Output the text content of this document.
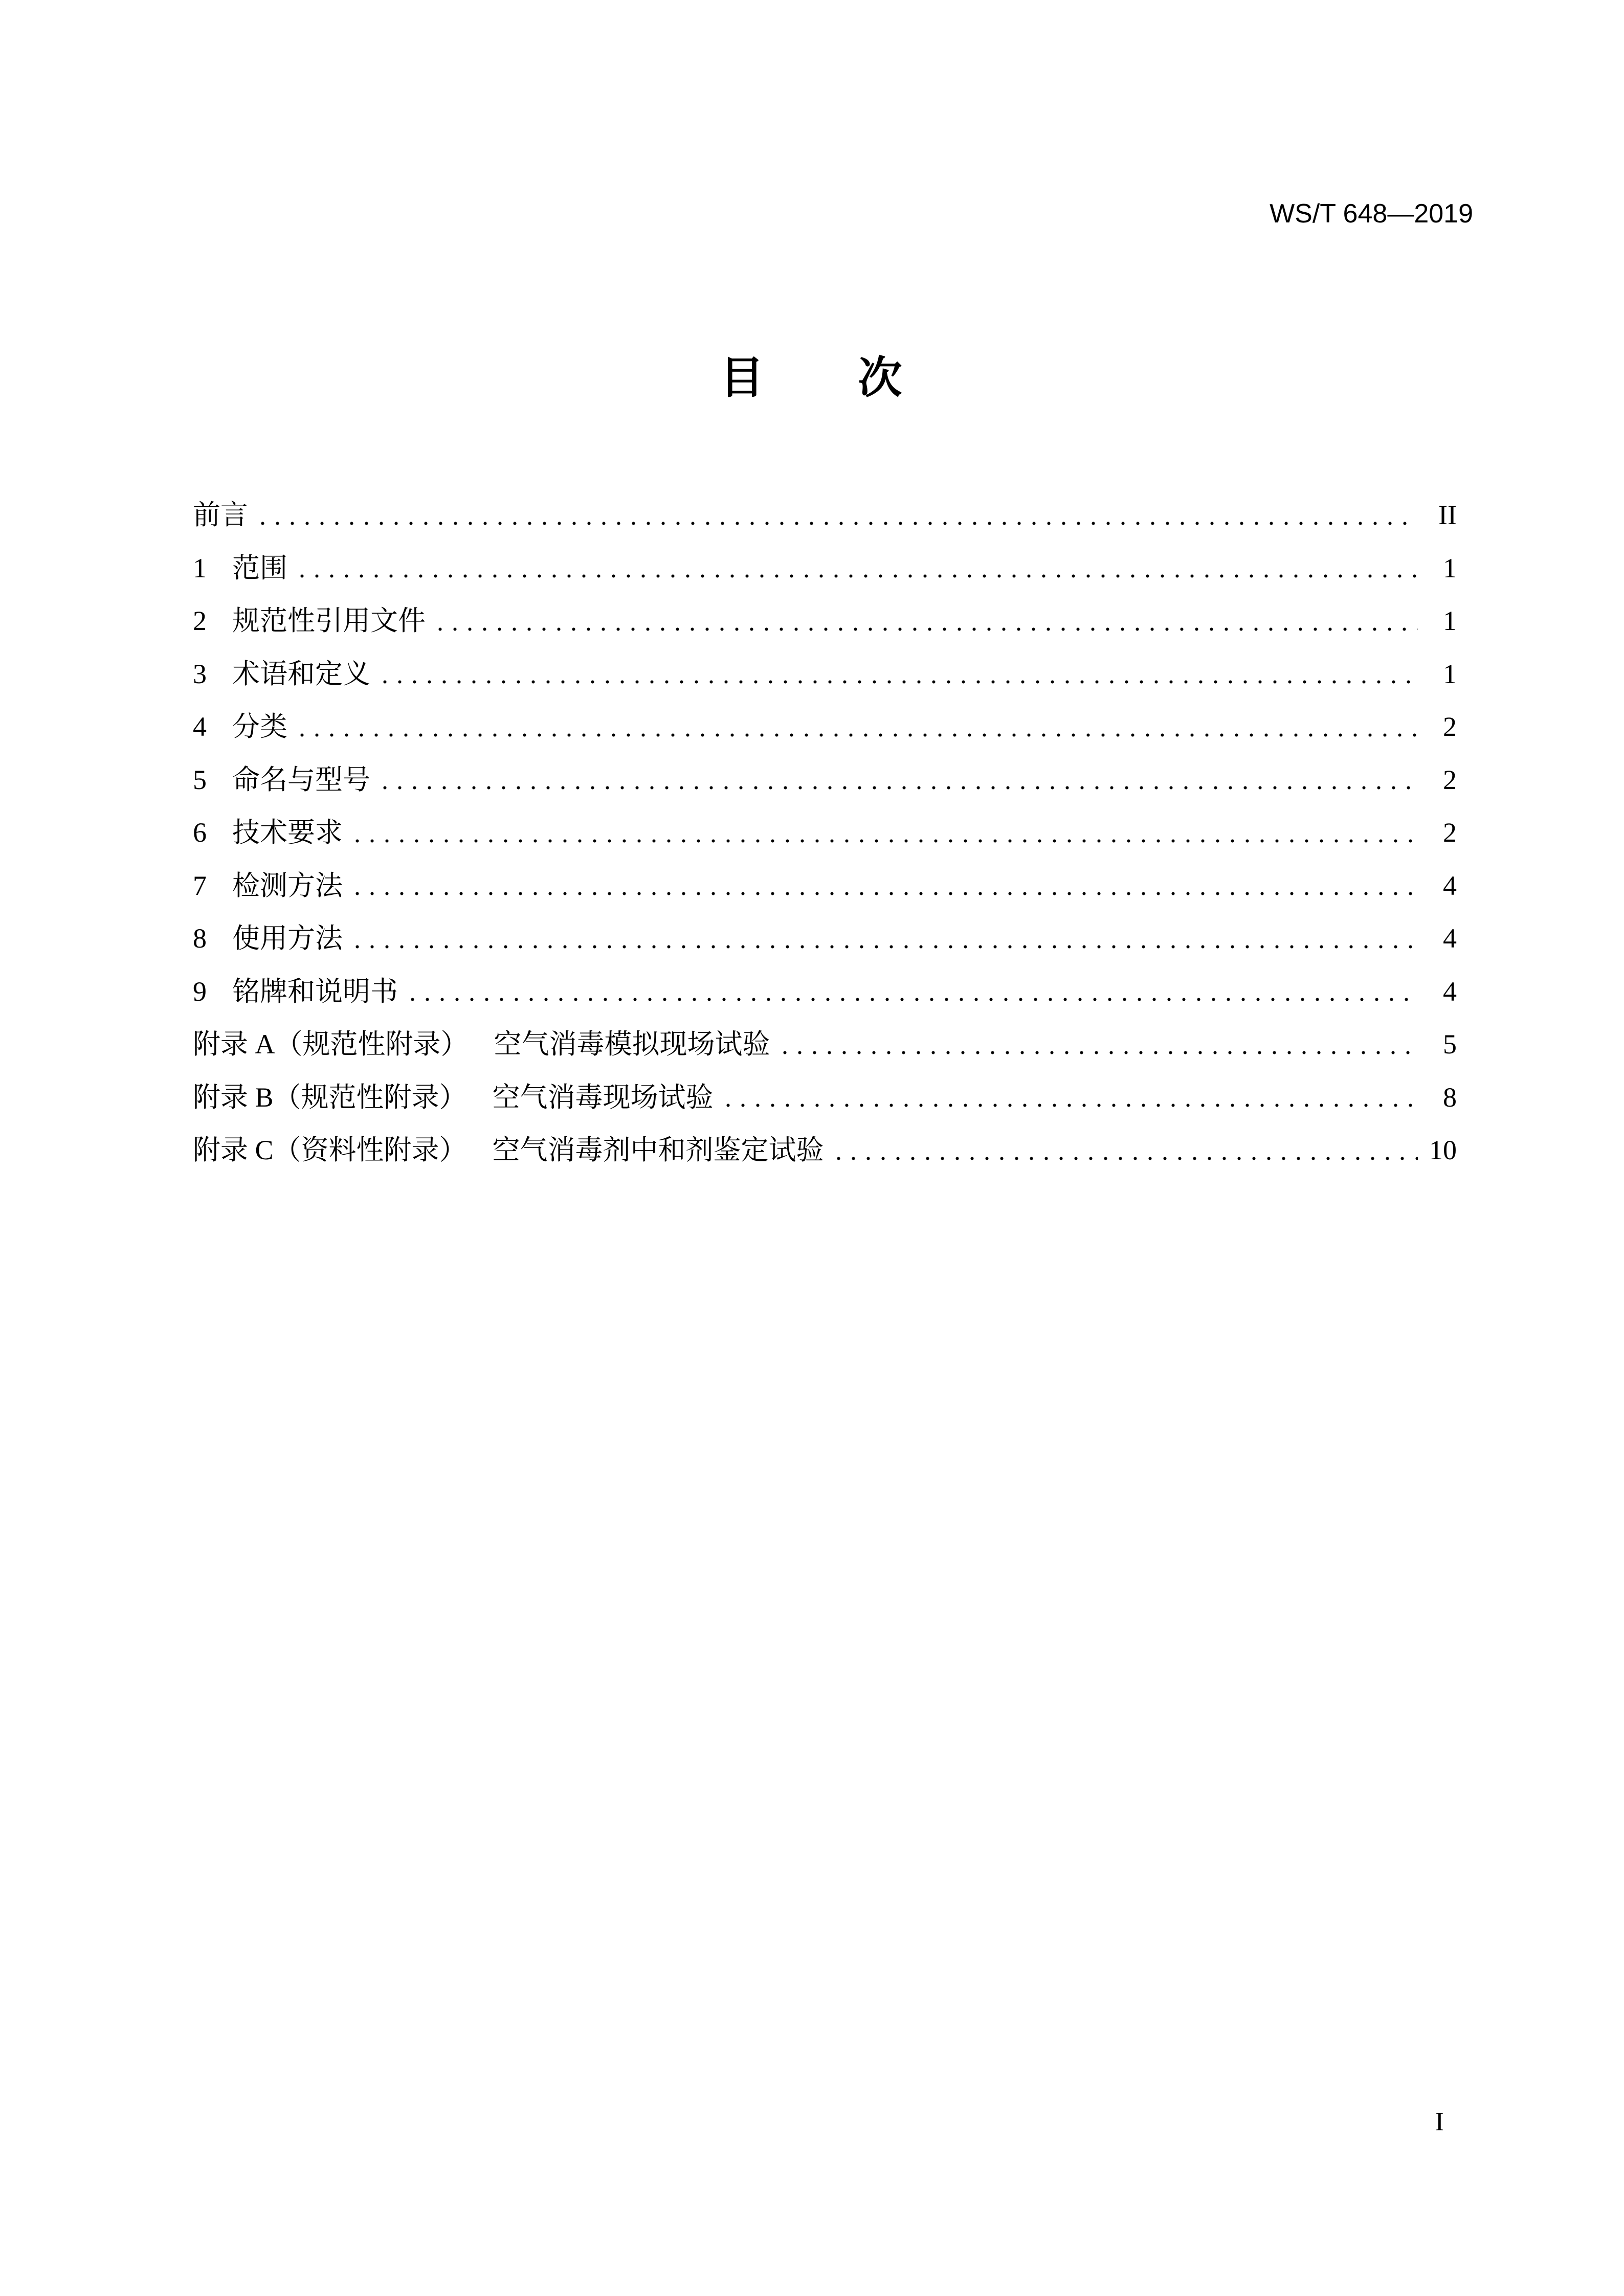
WS/T 648—2019
目　　次
前言	II
1 范围	1
2 规范性引用文件	1
3 术语和定义	1
4 分类	2
5 命名与型号	2
6 技术要求	2
7 检测方法	4
8 使用方法	4
9 铭牌和说明书	4
附录 A（规范性附录） 空气消毒模拟现场试验	5
附录 B（规范性附录） 空气消毒现场试验	8
附录 C（资料性附录） 空气消毒剂中和剂鉴定试验	10
I
